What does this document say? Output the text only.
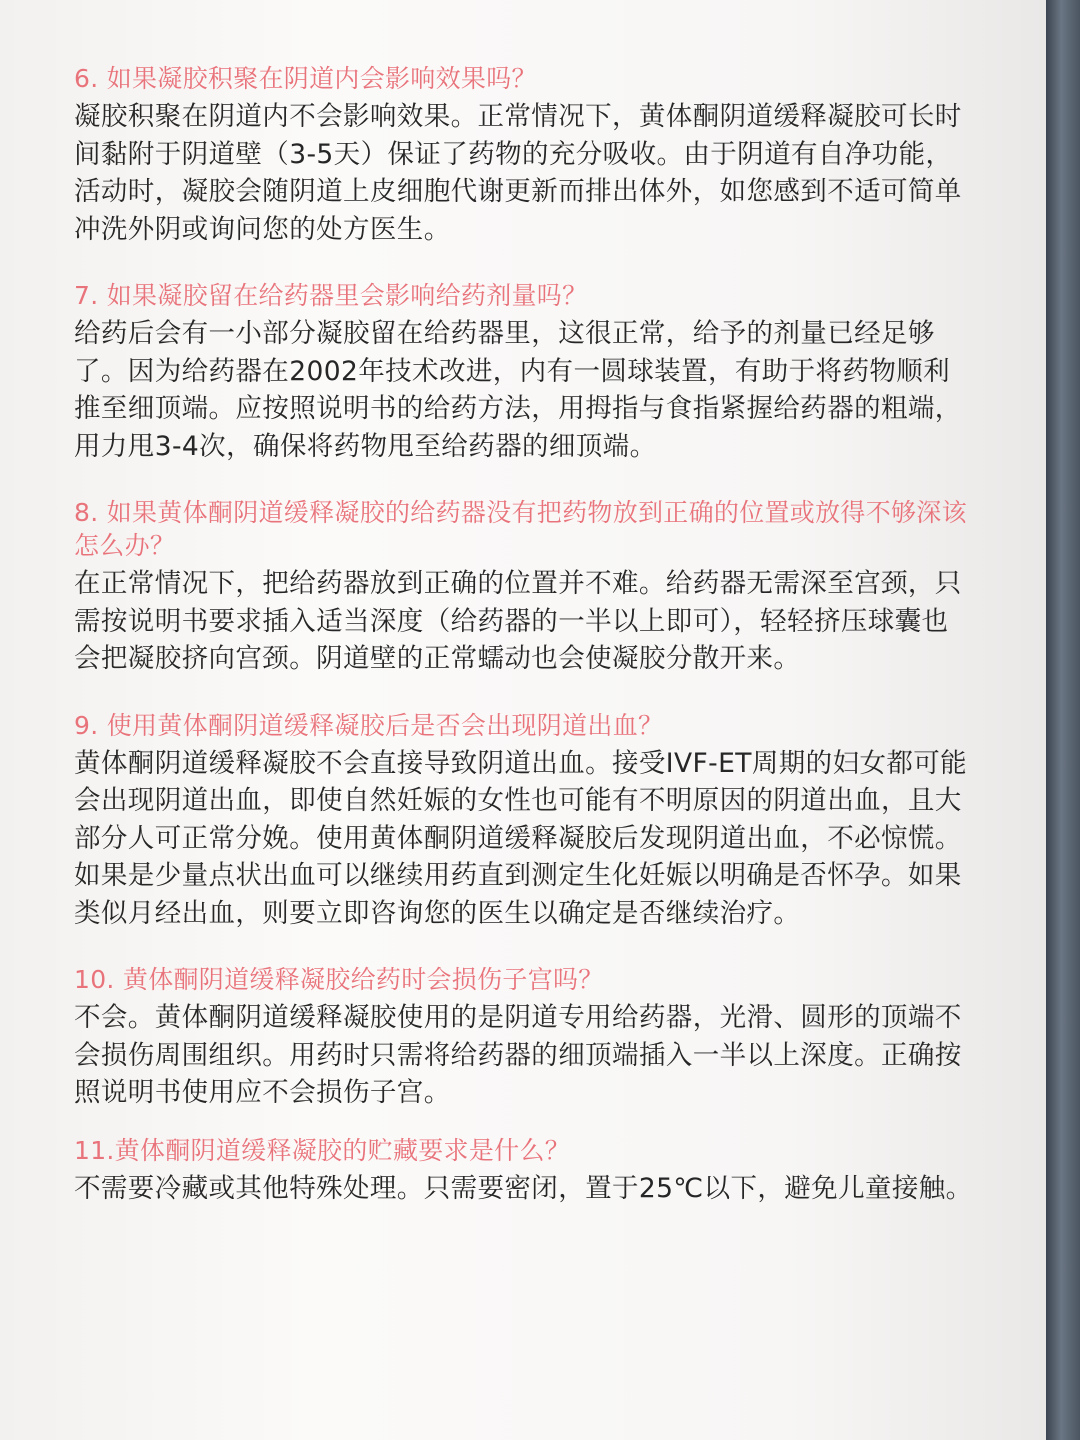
6. 如果凝胶积聚在阴道内会影响效果吗？

凝胶积聚在阴道内不会影响效果。正常情况下，黄体酮阴道缓释凝胶可长时间黏附于阴道壁（3-5天）保证了药物的充分吸收。由于阴道有自净功能，活动时，凝胶会随阴道上皮细胞代谢更新而排出体外，如您感到不适可简单冲洗外阴或询问您的处方医生。

7. 如果凝胶留在给药器里会影响给药剂量吗？

给药后会有一小部分凝胶留在给药器里，这很正常，给予的剂量已经足够了。因为给药器在2002年技术改进，内有一圆球装置，有助于将药物顺利推至细顶端。应按照说明书的给药方法，用拇指与食指紧握给药器的粗端，用力甩3-4次，确保将药物甩至给药器的细顶端。

8. 如果黄体酮阴道缓释凝胶的给药器没有把药物放到正确的位置或放得不够深该怎么办？

在正常情况下，把给药器放到正确的位置并不难。给药器无需深至宫颈，只需按说明书要求插入适当深度（给药器的一半以上即可），轻轻挤压球囊也会把凝胶挤向宫颈。阴道壁的正常蠕动也会使凝胶分散开来。

9. 使用黄体酮阴道缓释凝胶后是否会出现阴道出血？

黄体酮阴道缓释凝胶不会直接导致阴道出血。接受IVF-ET周期的妇女都可能会出现阴道出血，即使自然妊娠的女性也可能有不明原因的阴道出血，且大部分人可正常分娩。使用黄体酮阴道缓释凝胶后发现阴道出血，不必惊慌。如果是少量点状出血可以继续用药直到测定生化妊娠以明确是否怀孕。如果类似月经出血，则要立即咨询您的医生以确定是否继续治疗。

10. 黄体酮阴道缓释凝胶给药时会损伤子宫吗？

不会。黄体酮阴道缓释凝胶使用的是阴道专用给药器，光滑、圆形的顶端不会损伤周围组织。用药时只需将给药器的细顶端插入一半以上深度。正确按照说明书使用应不会损伤子宫。

11.黄体酮阴道缓释凝胶的贮藏要求是什么？

不需要冷藏或其他特殊处理。只需要密闭，置于25℃以下，避免儿童接触。
